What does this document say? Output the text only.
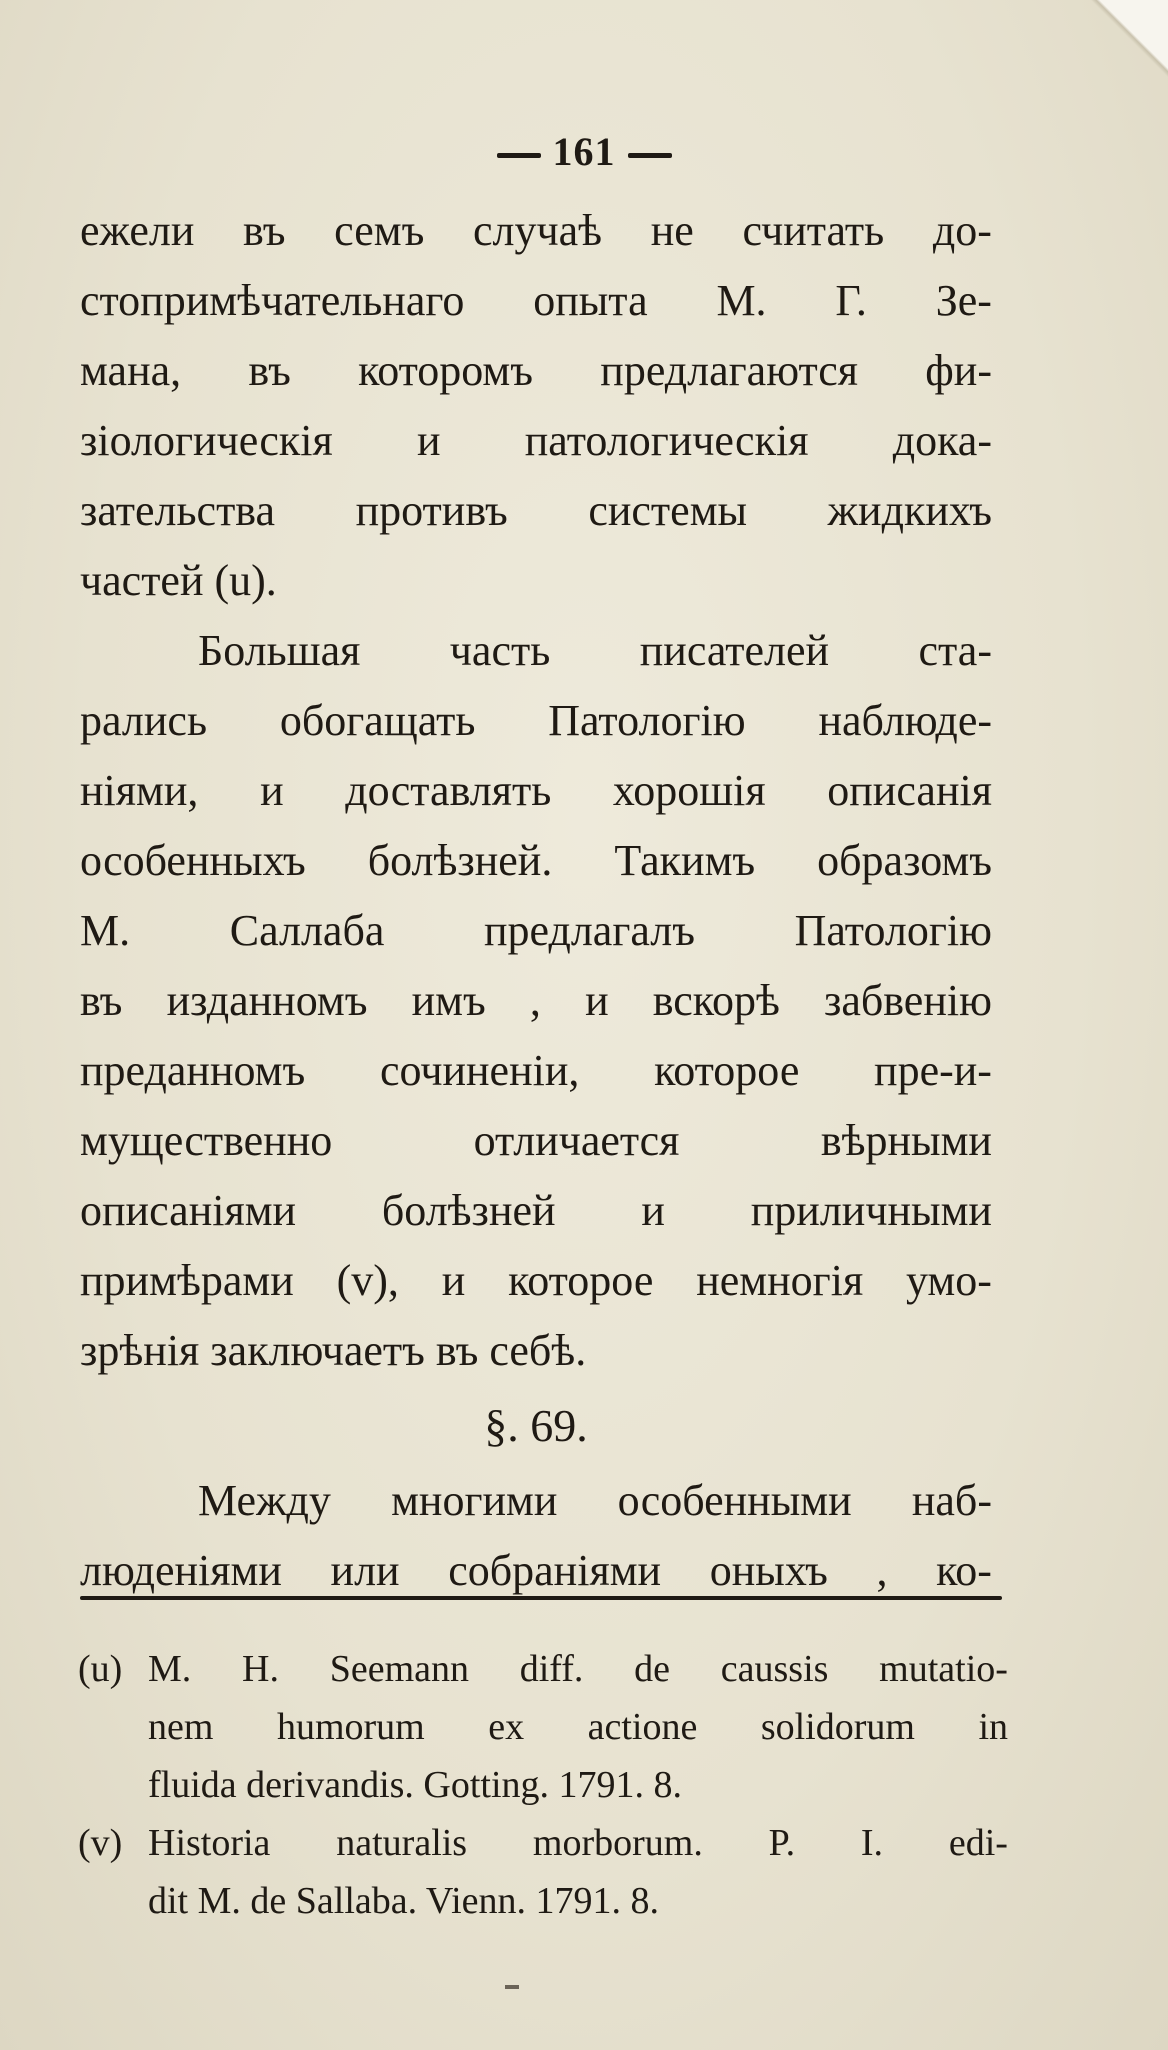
161
ежели въ семъ случаѣ не считать до-
стопримѣчательнаго опыта М. Г. Зе-
мана, въ которомъ предлагаются фи-
зіологическія и патологическія дока-
зательства противъ системы жидкихъ
частей (u).
Большая часть писателей ста-
рались обогащать Патологію наблюде-
ніями, и доставлять хорошія описанія
особенныхъ болѣзней. Такимъ образомъ
М. Саллаба предлагалъ Патологію
въ изданномъ имъ , и вскорѣ забвенію
преданномъ сочиненіи, которое пре-и-
мущественно	отличается	вѣрными
описаніями болѣзней и приличными
примѣрами (v), и которое немногія умо-
зрѣнія заключаетъ въ себѣ.
§. 69.
Между многими особенными наб-
люденіями или собраніями оныхъ , ко-
(u) M. H. Seemann diff. de caussis mutatio-
nem humorum ex actione solidorum in
fluida derivandis. Gotting. 1791. 8.
(v) Historia naturalis morborum. P. I. edi-
dit M. de Sallaba. Vienn. 1791. 8.
